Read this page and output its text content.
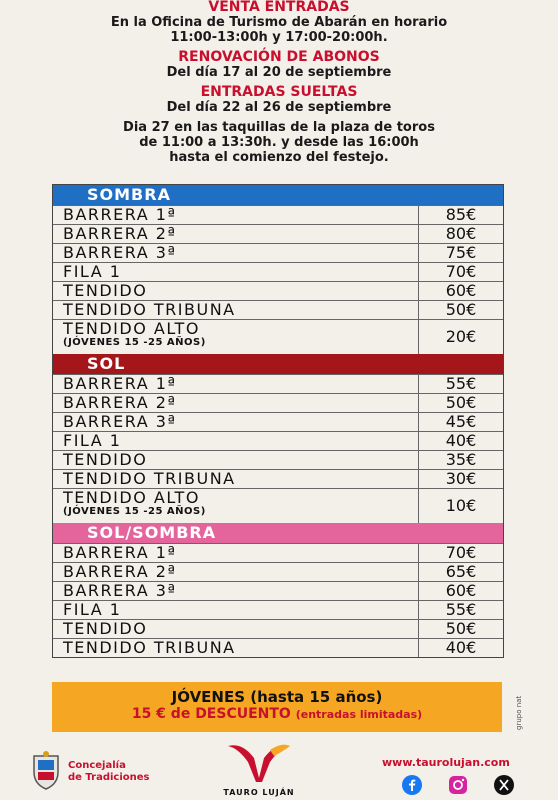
VENTA ENTRADAS
En la Oficina de Turismo de Abarán en horario
11:00-13:00h y 17:00-20:00h.
RENOVACIÓN DE ABONOS
Del día 17 al 20 de septiembre
ENTRADAS SUELTAS
Del día 22 al 26 de septiembre
Dia 27 en las taquillas de la plaza de toros
de 11:00 a 13:30h. y desde las 16:00h
hasta el comienzo del festejo.
SOMBRA
BARRERA 1ª	85€
BARRERA 2ª	80€
BARRERA 3ª	75€
FILA 1	70€
TENDIDO	60€
TENDIDO TRIBUNA	50€
TENDIDO ALTO
(JÓVENES 15 -25 AÑOS)	20€
SOL
BARRERA 1ª	55€
BARRERA 2ª	50€
BARRERA 3ª	45€
FILA 1	40€
TENDIDO	35€
TENDIDO TRIBUNA	30€
TENDIDO ALTO
(JÓVENES 15 -25 AÑOS)	10€
SOL/SOMBRA
BARRERA 1ª	70€
BARRERA 2ª	65€
BARRERA 3ª	60€
FILA 1	55€
TENDIDO	50€
TENDIDO TRIBUNA	40€
JÓVENES (hasta 15 años)
15 € de DESCUENTO (entradas limitadas)	grupo nat
Concejalía
de Tradiciones
TAURO LUJÁN
www.taurolujan.com
